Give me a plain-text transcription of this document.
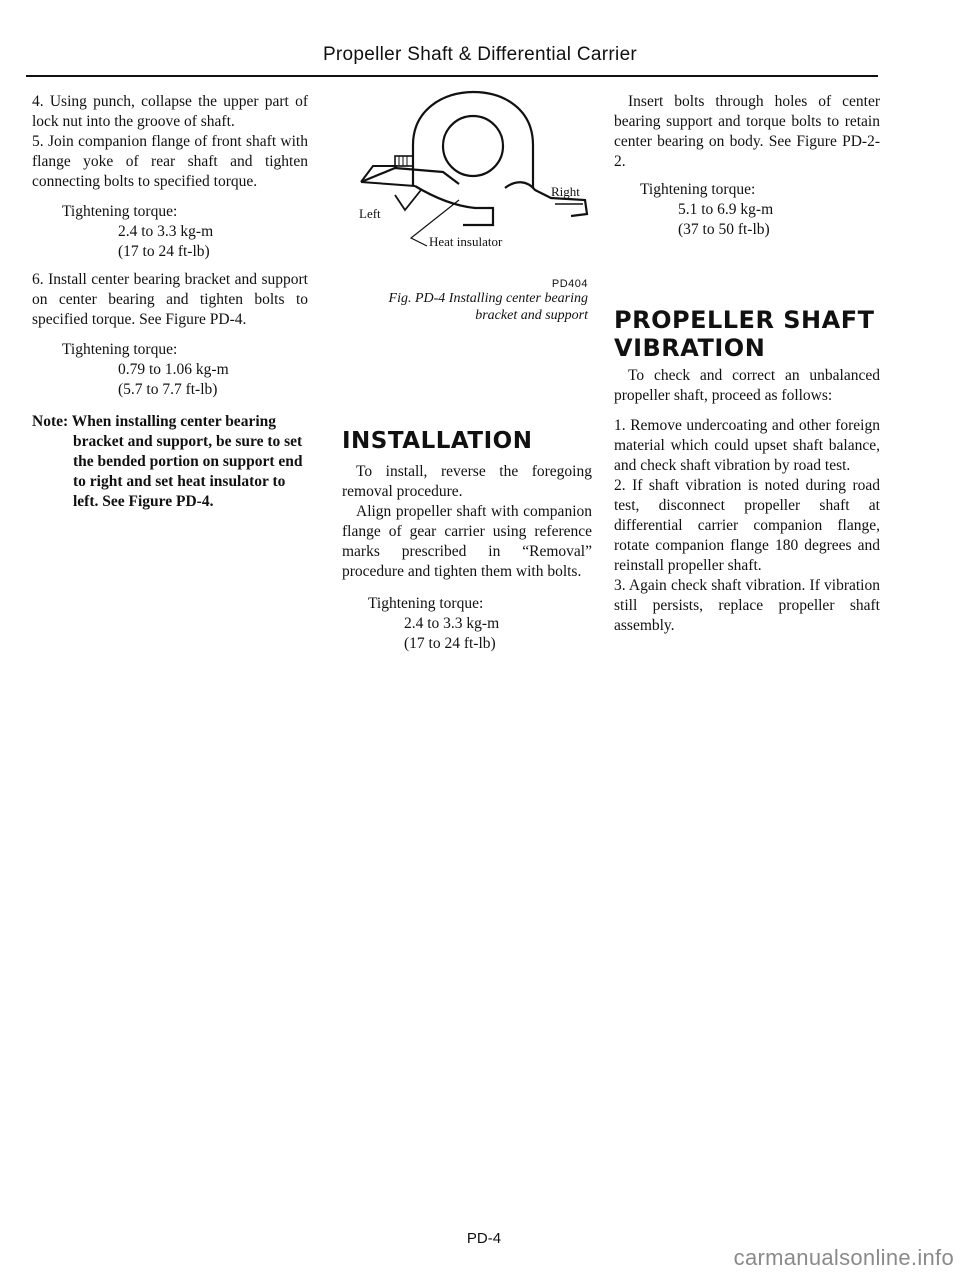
Propeller Shaft & Differential Carrier

4. Using punch, collapse the upper part of lock nut into the groove of shaft.

5. Join companion flange of front shaft with flange yoke of rear shaft and tighten connecting bolts to specified torque.

Tightening torque:

2.4 to 3.3 kg-m

(17 to 24 ft-lb)

6. Install center bearing bracket and support on center bearing and tighten bolts to specified torque. See Figure PD-4.

Tightening torque:

0.79 to 1.06 kg-m

(5.7 to 7.7 ft-lb)

Note: When installing center bearing bracket and support, be sure to set the bended portion on support end to right and set heat insulator to left. See Figure PD-4.

Left
Right
Heat insulator
PD404
Fig. PD-4 Installing center bearing
bracket and support
INSTALLATION

To install, reverse the foregoing removal procedure.

Align propeller shaft with companion flange of gear carrier using reference marks prescribed in “Removal” procedure and tighten them with bolts.

Tightening torque:

2.4 to 3.3 kg-m

(17 to 24 ft-lb)

Insert bolts through holes of center bearing support and torque bolts to retain center bearing on body. See Figure PD-2-2.

Tightening torque:

5.1 to 6.9 kg-m

(37 to 50 ft-lb)

PROPELLER SHAFT
VIBRATION

To check and correct an unbalanced propeller shaft, proceed as follows:

1. Remove undercoating and other foreign material which could upset shaft balance, and check shaft vibration by road test.

2. If shaft vibration is noted during road test, disconnect propeller shaft at differential carrier companion flange, rotate companion flange 180 degrees and reinstall propeller shaft.

3. Again check shaft vibration. If vibration still persists, replace propeller shaft assembly.

PD-4
carmanualsonline.info
